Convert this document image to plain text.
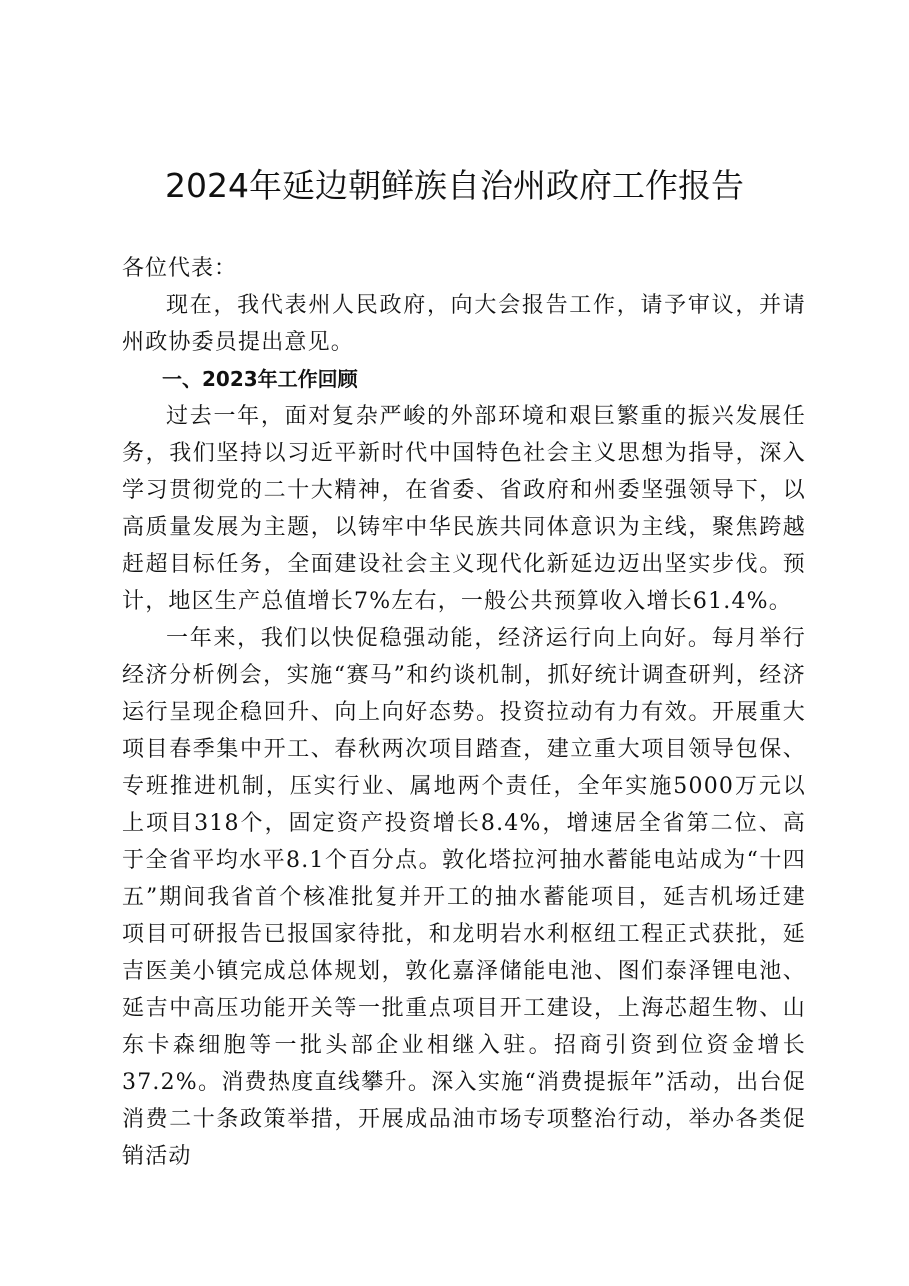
2024年延边朝鲜族自治州政府工作报告

各位代表：

现在，我代表州人民政府，向大会报告工作，请予审议，并请州政协委员提出意见。

一、2023年工作回顾

过去一年，面对复杂严峻的外部环境和艰巨繁重的振兴发展任务，我们坚持以习近平新时代中国特色社会主义思想为指导，深入学习贯彻党的二十大精神，在省委、省政府和州委坚强领导下，以高质量发展为主题，以铸牢中华民族共同体意识为主线，聚焦跨越赶超目标任务，全面建设社会主义现代化新延边迈出坚实步伐。预计，地区生产总值增长7%左右，一般公共预算收入增长61.4%。

一年来，我们以快促稳强动能，经济运行向上向好。每月举行经济分析例会，实施“赛马”和约谈机制，抓好统计调查研判，经济运行呈现企稳回升、向上向好态势。投资拉动有力有效。开展重大项目春季集中开工、春秋两次项目踏查，建立重大项目领导包保、专班推进机制，压实行业、属地两个责任，全年实施5000万元以上项目318个，固定资产投资增长8.4%，增速居全省第二位、高于全省平均水平8.1个百分点。敦化塔拉河抽水蓄能电站成为“十四五”期间我省首个核准批复并开工的抽水蓄能项目，延吉机场迁建项目可研报告已报国家待批，和龙明岩水利枢纽工程正式获批，延吉医美小镇完成总体规划，敦化嘉泽储能电池、图们泰泽锂电池、延吉中高压功能开关等一批重点项目开工建设，上海芯超生物、山东卡森细胞等一批头部企业相继入驻。招商引资到位资金增长37.2%。消费热度直线攀升。深入实施“消费提振年”活动，出台促消费二十条政策举措，开展成品油市场专项整治行动，举办各类促销活动
